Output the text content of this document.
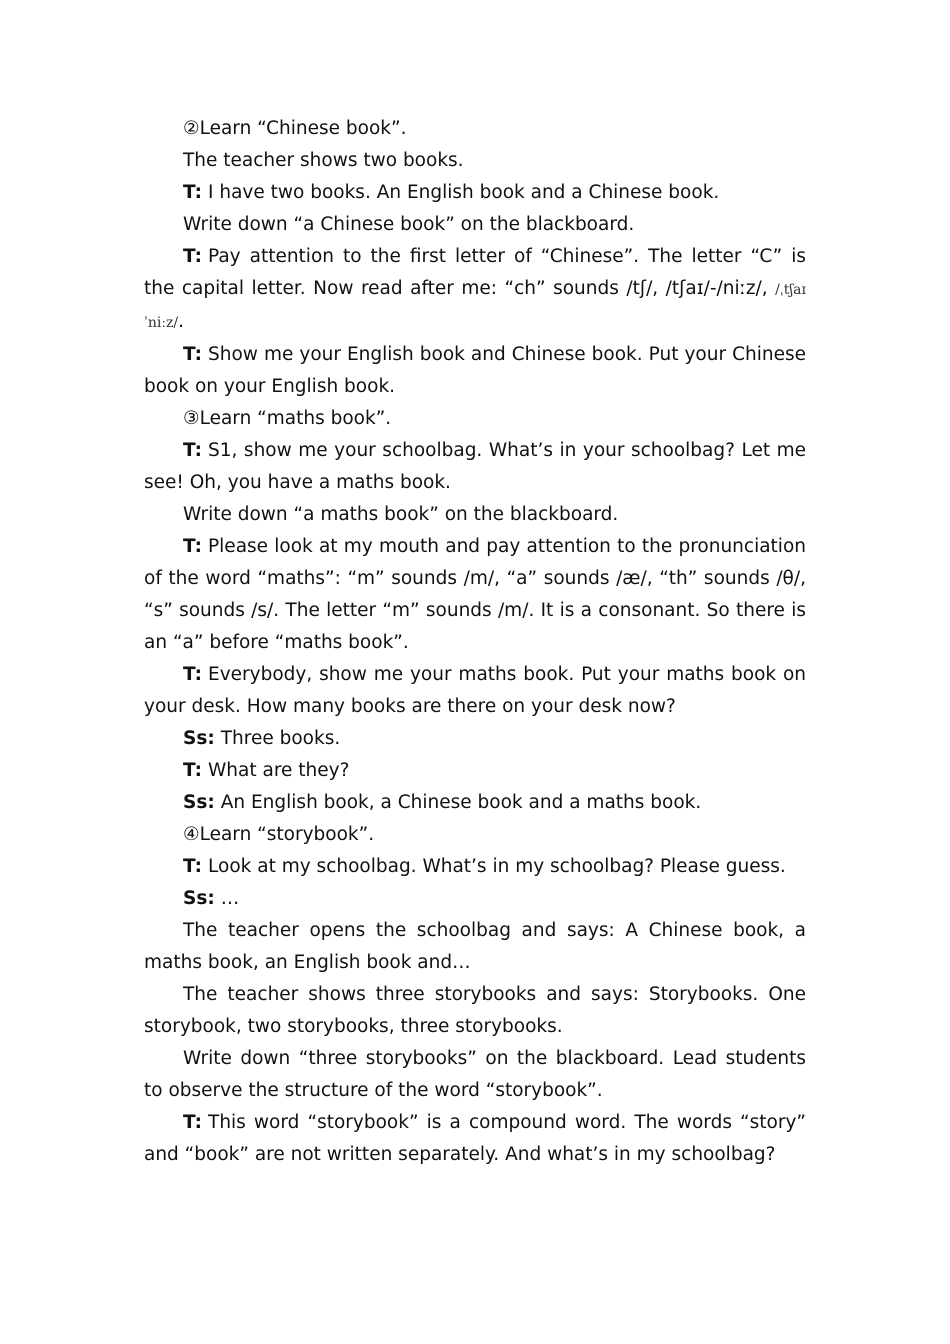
②Learn “Chinese book”.

The teacher shows two books.

T: I have two books. An English book and a Chinese book.

Write down “a Chinese book” on the blackboard.

T: Pay attention to the first letter of “Chinese”. The letter “C” is the capital letter. Now read after me: “ch” sounds /tʃ/, /tʃaɪ/-/niːz/, /ˌtʃaɪˈniːz/.

T: Show me your English book and Chinese book. Put your Chinese book on your English book.

③Learn “maths book”.

T: S1, show me your schoolbag. What’s in your schoolbag? Let me see! Oh, you have a maths book.

Write down “a maths book” on the blackboard.

T: Please look at my mouth and pay attention to the pronunciation of the word “maths”: “m” sounds /m/, “a” sounds /æ/, “th” sounds /θ/, “s” sounds /s/. The letter “m” sounds /m/. It is a consonant. So there is an “a” before “maths book”.

T: Everybody, show me your maths book. Put your maths book on your desk. How many books are there on your desk now?

Ss: Three books.

T: What are they?

Ss: An English book, a Chinese book and a maths book.

④Learn “storybook”.

T: Look at my schoolbag. What’s in my schoolbag? Please guess.

Ss: …

The teacher opens the schoolbag and says: A Chinese book, a maths book, an English book and…

The teacher shows three storybooks and says: Storybooks. One storybook, two storybooks, three storybooks.

Write down “three storybooks” on the blackboard. Lead students to observe the structure of the word “storybook”.

T: This word “storybook” is a compound word. The words “story” and “book” are not written separately. And what’s in my schoolbag?
